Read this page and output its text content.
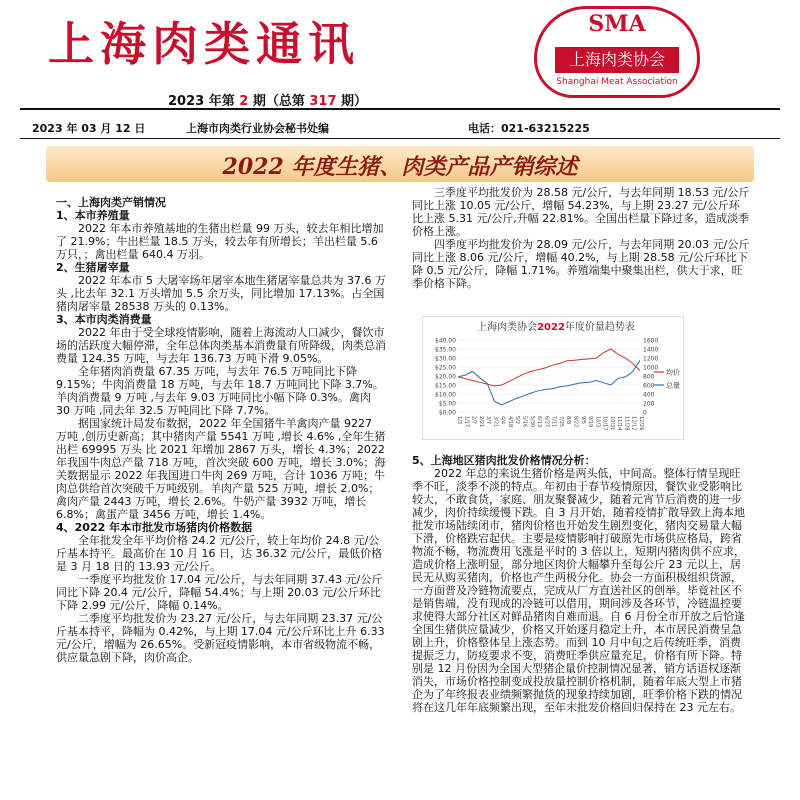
上海肉类通讯	SMA
上海肉类协会
Shanghai Meat Association
2023 年第 2 期（总第 317 期）
2023 年 03 月 12 日	上海市肉类行业协会秘书处编	电话：021-63215225
2022 年度生猪、肉类产品产销综述

一、上海肉类产销情况

1、本市养殖量

2022 年本市养殖基地的生猪出栏量 99 万头，较去年相比增加了 21.9%；牛出栏量 18.5 万头，较去年有所增长；羊出栏量 5.6 万只，；禽出栏量 640.4 万羽。

2、生猪屠宰量

2022 年本市 5 大屠宰场年屠宰本地生猪屠宰量总共为 37.6 万头 ,比去年 32.1 万头增加 5.5 余万头，同比增加 17.13%。占全国猪肉屠宰量 28538 万头的 0.13%。

3、本市肉类消费量

2022 年由于受全球疫情影响，随着上海流动人口减少，餐饮市场的活跃度大幅停滞，全年总体肉类基本消费量有所降级，肉类总消费量 124.35 万吨，与去年 136.73 万吨下滑 9.05%。

全年猪肉消费量 67.35 万吨，与去年 76.5 万吨同比下降 9.15%；牛肉消费量 18 万吨，与去年 18.7 万吨同比下降 3.7%。羊肉消费量 9 万吨 ,与去年 9.03 万吨同比小幅下降 0.3%。禽肉 30 万吨 ,同去年 32.5 万吨同比下降 7.7%。

据国家统计局发布数据，2022 年全国猪牛羊禽肉产量 9227 万吨 ,创历史新高；其中猪肉产量 5541 万吨 ,增长 4.6% ,全年生猪出栏 69995 万头 比 2021 年增加 2867 万头，增长 4.3%；2022 年我国牛肉总产量 718 万吨，首次突破 600 万吨，增长 3.0%；海关数据显示 2022 年我国进口牛肉 269 万吨，合计 1036 万吨；牛肉总供给首次突破千万吨级别。羊肉产量 525 万吨，增长 2.0%；禽肉产量 2443 万吨，增长 2.6%。牛奶产量 3932 万吨，增长 6.8%；禽蛋产量 3456 万吨，增长 1.4%。

4、2022 年本市批发市场猪肉价格数据

全年批发全年平均价格 24.2 元/公斤，较上年均价 24.8 元/公斤基本持平。最高价在 10 月 16 日，达 36.32 元/公斤，最低价格是 3 月 18 日的 13.93 元/公斤。

一季度平均批发价 17.04 元/公斤，与去年同期 37.43 元/公斤同比下降 20.4 元/公斤，降幅 54.4%；与上期 20.03 元/公斤环比下降 2.99 元/公斤，降幅 0.14%。

二季度平均批发价为 23.27 元/公斤，与去年同期 23.37 元/公斤基本持平，降幅为 0.42%，与上期 17.04 元/公斤环比上升 6.33 元/公斤，增幅为 26.65%。受新冠疫情影响，本市省级物流不畅，供应量急剧下降，肉价高企。

三季度平均批发价为 28.58 元/公斤，与去年同期 18.53 元/公斤同比上涨 10.05 元/公斤，增幅 54.23%，与上期 23.27 元/公斤环比上涨 5.31 元/公斤,升幅 22.81%。全国出栏量下降过多，造成淡季价格上涨。

四季度平均批发价为 28.09 元/公斤，与去年同期 20.03 元/公斤同比上涨 8.06 元/公斤，增幅 40.2%，与上期 28.58 元/公斤环比下降 0.5 元/公斤，降幅 1.71%。养殖端集中聚集出栏，供大于求，旺季价格下降。

上海肉类协会2022年度价量趋势表
$40.00	1600
$35.00	1400
$30.00	1200
$25.00	1000
$20.00	800
$15.00	600
$10.00	400
$5.00	200
$0.00	0
1/3 1/17 2/7 2/21 3/7 3/21 4/4 4/18 5/2 5/16 5/30 6/13 6/27 7/11 7/25 8/8 8/22 9/5 9/19 10/3 10/17 10/31 11/14 11/28 12/12 12/26
均价
总量

5、上海地区猪肉批发价格情况分析：

2022 年总的来说生猪价格是两头低，中间高。整体行情呈现旺季不旺，淡季不淡的特点。年初由于春节疫情原因，餐饮业受影响比较大，不敢食货，家庭、朋友聚餐减少，随着元宵节后消费的进一步减少，肉价持续缓慢下跌。自 3 月开始，随着疫情扩散导致上海本地批发市场陆续闭市，猪肉价格也开始发生剧烈变化，猪肉交易量大幅下滑，价格跌宕起伏。主要是疫情影响打破原先市场供应格局，跨省物流不畅，物流费用飞涨是平时的 3 倍以上，短期内猪肉供不应求，造成价格上涨明显，部分地区肉价大幅攀升至每公斤 23 元以上，居民无从购买猪肉，价格也产生两极分化。协会一方面积极组织货源，一方面普及冷链物流要点，完成从厂方直送社区的创举。毕竟社区不是销售端，没有现成的冷链可以借用，期间涉及各环节，冷链温控要求使得大部分社区对鲜品猪肉自难而退。自 6 月份全市开放之后恰逢全国生猪供应量减少，价格又开始逐月稳定上升，本市居民消费呈急剧上升，价格整体呈上涨态势。而到 10 月中旬之后传统旺季，消费提振乏力，防疫要求不变，消费旺季供应量充足，价格有所下降。特别是 12 月份因为全国大型猪企量价控制情况显著，销方话语权逐渐消失，市场价格控制变成投放量控制价格机制，随着年底大型上市猪企为了年终报表业绩频繁抛货的现象持续加剧，旺季价格下跌的情况将在这几年年底频繁出现，至年末批发价格回归保持在 23 元左右。
